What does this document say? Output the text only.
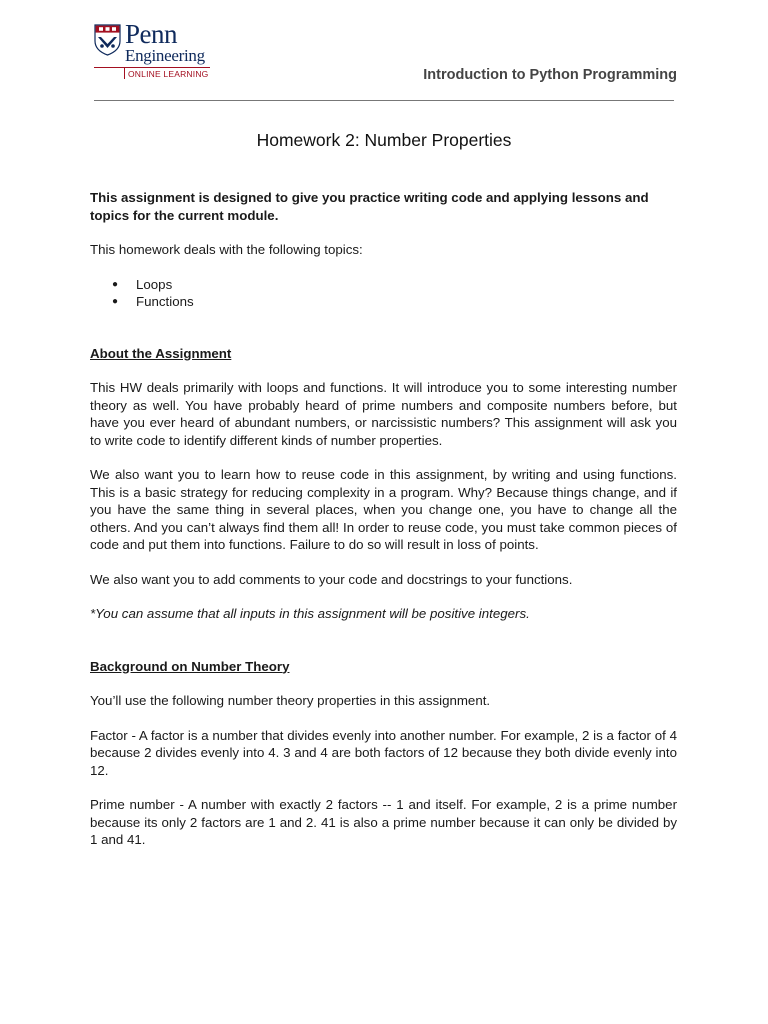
Penn
Engineering
ONLINE LEARNING	Introduction to Python Programming
Homework 2: Number Properties

This assignment is designed to give you practice writing code and applying lessons and topics for the current module.

This homework deals with the following topics:

● Loops
● Functions

About the Assignment

This HW deals primarily with loops and functions. It will introduce you to some interesting number theory as well. You have probably heard of prime numbers and composite numbers before, but have you ever heard of abundant numbers, or narcissistic numbers? This assignment will ask you to write code to identify different kinds of number properties.

We also want you to learn how to reuse code in this assignment, by writing and using functions. This is a basic strategy for reducing complexity in a program. Why? Because things change, and if you have the same thing in several places, when you change one, you have to change all the others. And you can’t always find them all! In order to reuse code, you must take common pieces of code and put them into functions. Failure to do so will result in loss of points.

We also want you to add comments to your code and docstrings to your functions.

*You can assume that all inputs in this assignment will be positive integers.

Background on Number Theory

You’ll use the following number theory properties in this assignment.

Factor - A factor is a number that divides evenly into another number. For example, 2 is a factor of 4 because 2 divides evenly into 4. 3 and 4 are both factors of 12 because they both divide evenly into 12.

Prime number - A number with exactly 2 factors -- 1 and itself. For example, 2 is a prime number because its only 2 factors are 1 and 2. 41 is also a prime number because it can only be divided by 1 and 41.
